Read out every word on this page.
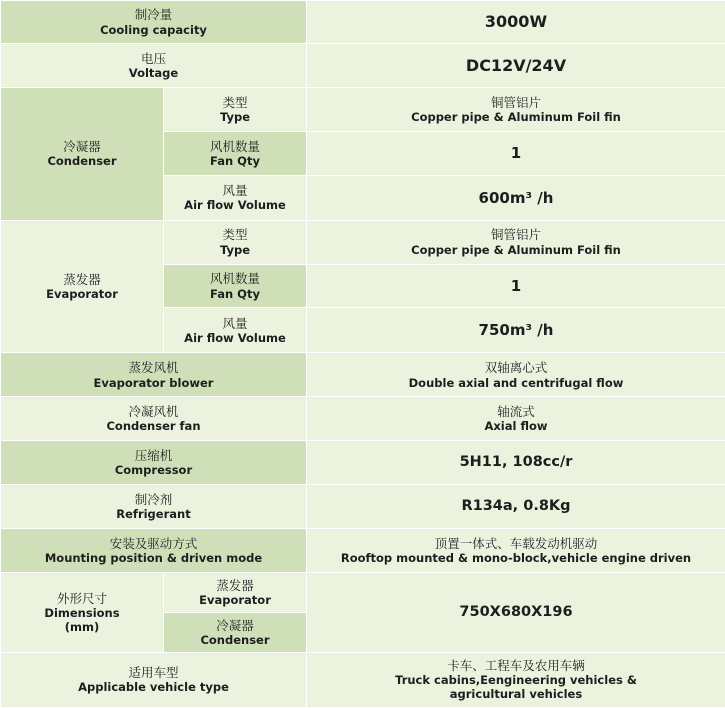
制冷量
Cooling capacity		3000W

电压
Voltage		DC12V/24V

冷凝器
Condenser	类型
Type	铜管铝片
Copper pipe & Aluminum Foil fin

	风机数量
Fan Qty	1

	风量
Air flow Volume	600m³ /h

蒸发器
Evaporator	类型
Type	铜管铝片
Copper pipe & Aluminum Foil fin

	风机数量
Fan Qty	1

	风量
Air flow Volume	750m³ /h

蒸发风机
Evaporator blower		双轴离心式
Double axial and centrifugal flow

冷凝风机
Condenser fan		轴流式
Axial flow

压缩机
Compressor		5H11, 108cc/r

制冷剂
Refrigerant		R134a, 0.8Kg

安装及驱动方式
Mounting position & driven mode		顶置一体式、车载发动机驱动
Rooftop mounted & mono-block,vehicle engine driven

外形尺寸
Dimensions
(mm)	蒸发器
Evaporator	750X680X196

	冷凝器
Condenser	

适用车型
Applicable vehicle type		卡车、工程车及农用车辆
Truck cabins,Eengineering vehicles & agricultural vehicles
